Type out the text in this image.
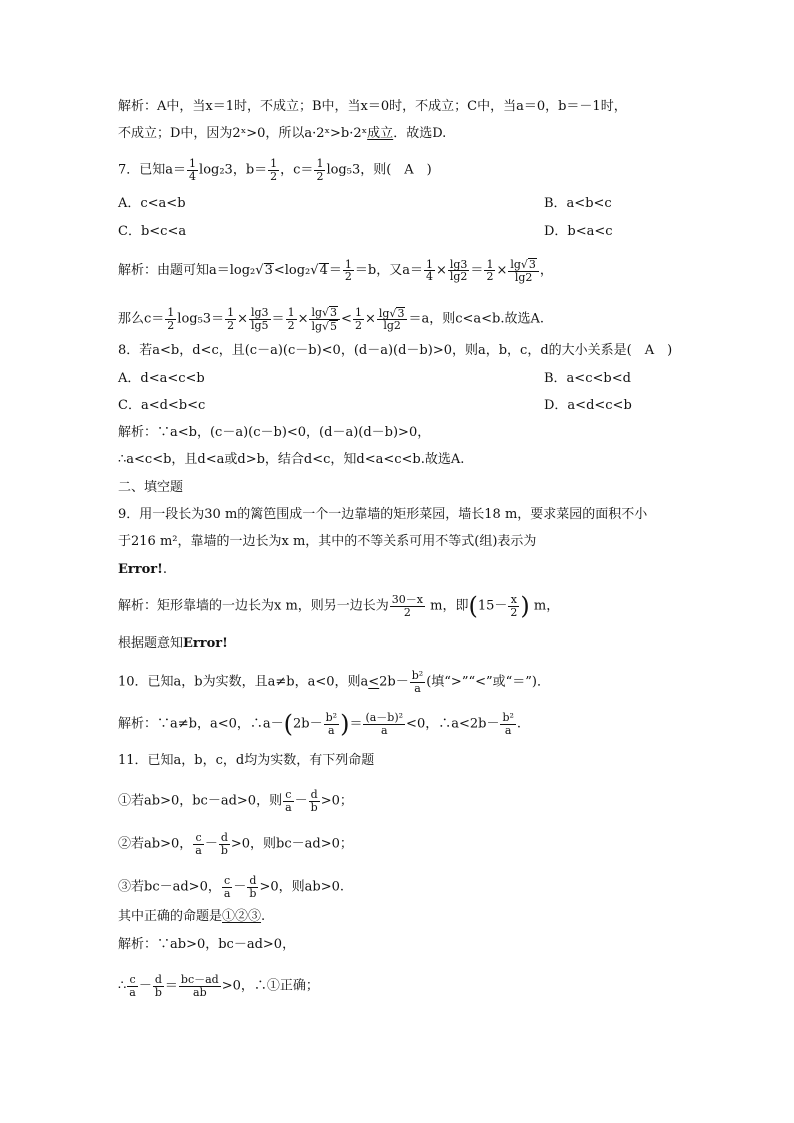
解析：A中，当x＝1时，不成立；B中，当x＝0时，不成立；C中，当a＝0，b＝－1时，
不成立；D中，因为2ˣ>0，所以a·2ˣ>b·2ˣ成立．故选D.
7．已知$a= \frac{1}{4} \log_23$，$b= \frac{1}{2}$ ，$c= \frac{1}{2} \log_53$，则(　A　)
A．c<a<b	B．a<b<c
C．b<c<a	D．b<a<c
解析：由题可知$a=\log_2√3<\log_2√4= \frac{1}{2} =b$，又$a= \frac{1}{4} \times \frac{\lg 3}{\lg 2} = \frac{1}{2} \times \frac{\lg√3}{\lg 2}$ ，
那么$c= \frac{1}{2} \log_53= \frac{1}{2} \times \frac{\lg 3}{\lg 5} = \frac{1}{2} \times \frac{\lg√3}{\lg√5} < \frac{1}{2} \times \frac{\lg√3}{\lg 2} =a$，则c<a<b.故选A.
8．若a<b，d<c，且(c－a)(c－b)<0，(d－a)(d－b)>0，则a，b，c，d的大小关系是(　A　)
A．d<a<c<b	B．a<c<b<d
C．a<d<b<c	D．a<d<c<b
解析：∵a<b，(c－a)(c－b)<0，(d－a)(d－b)>0，
∴a<c<b，且d<a或d>b，结合d<c，知d<a<c<b.故选A.
二、填空题
9．用一段长为30 m的篱笆围成一个一边靠墙的矩形菜园，墙长18 m，要求菜园的面积不小
于216 m²，靠墙的一边长为x m，其中的不等关系可用不等式(组)表示为
Error!.
解析：矩形靠墙的一边长为x m，则另一边长为 $\frac{30-x}{2}$ m，即($15- \frac{x}{2}$ ) m，
根据题意知Error!
10．已知a，b为实数，且a≠b，a<0，则$a<2b- \frac{\text{b²}}{a}$ (填“>”“<”或“＝”)．
解析：∵a≠b，a<0，∴a－(2b－ $\frac{\text{b²}}{a}$ )＝ $\frac{\text{(a－b)²}}{a} <0$，∴a<2b－ $\frac{\text{b²}}{a}$ .
11．已知a，b，c，d均为实数，有下列命题
①若ab>0，bc－ad>0，则 $\frac{c}{a} - \frac{d}{b} >0$；
②若ab>0， $\frac{c}{a} - \frac{d}{b} >0$，则bc－ad>0；
③若bc－ad>0， $\frac{c}{a} - \frac{d}{b} >0$，则ab>0.
其中正确的命题是①②③.
解析：∵ab>0，bc－ad>0，
∴ $\frac{c}{a} - \frac{d}{b} = \frac{bc-ad}{ab} >0$，∴①正确；
